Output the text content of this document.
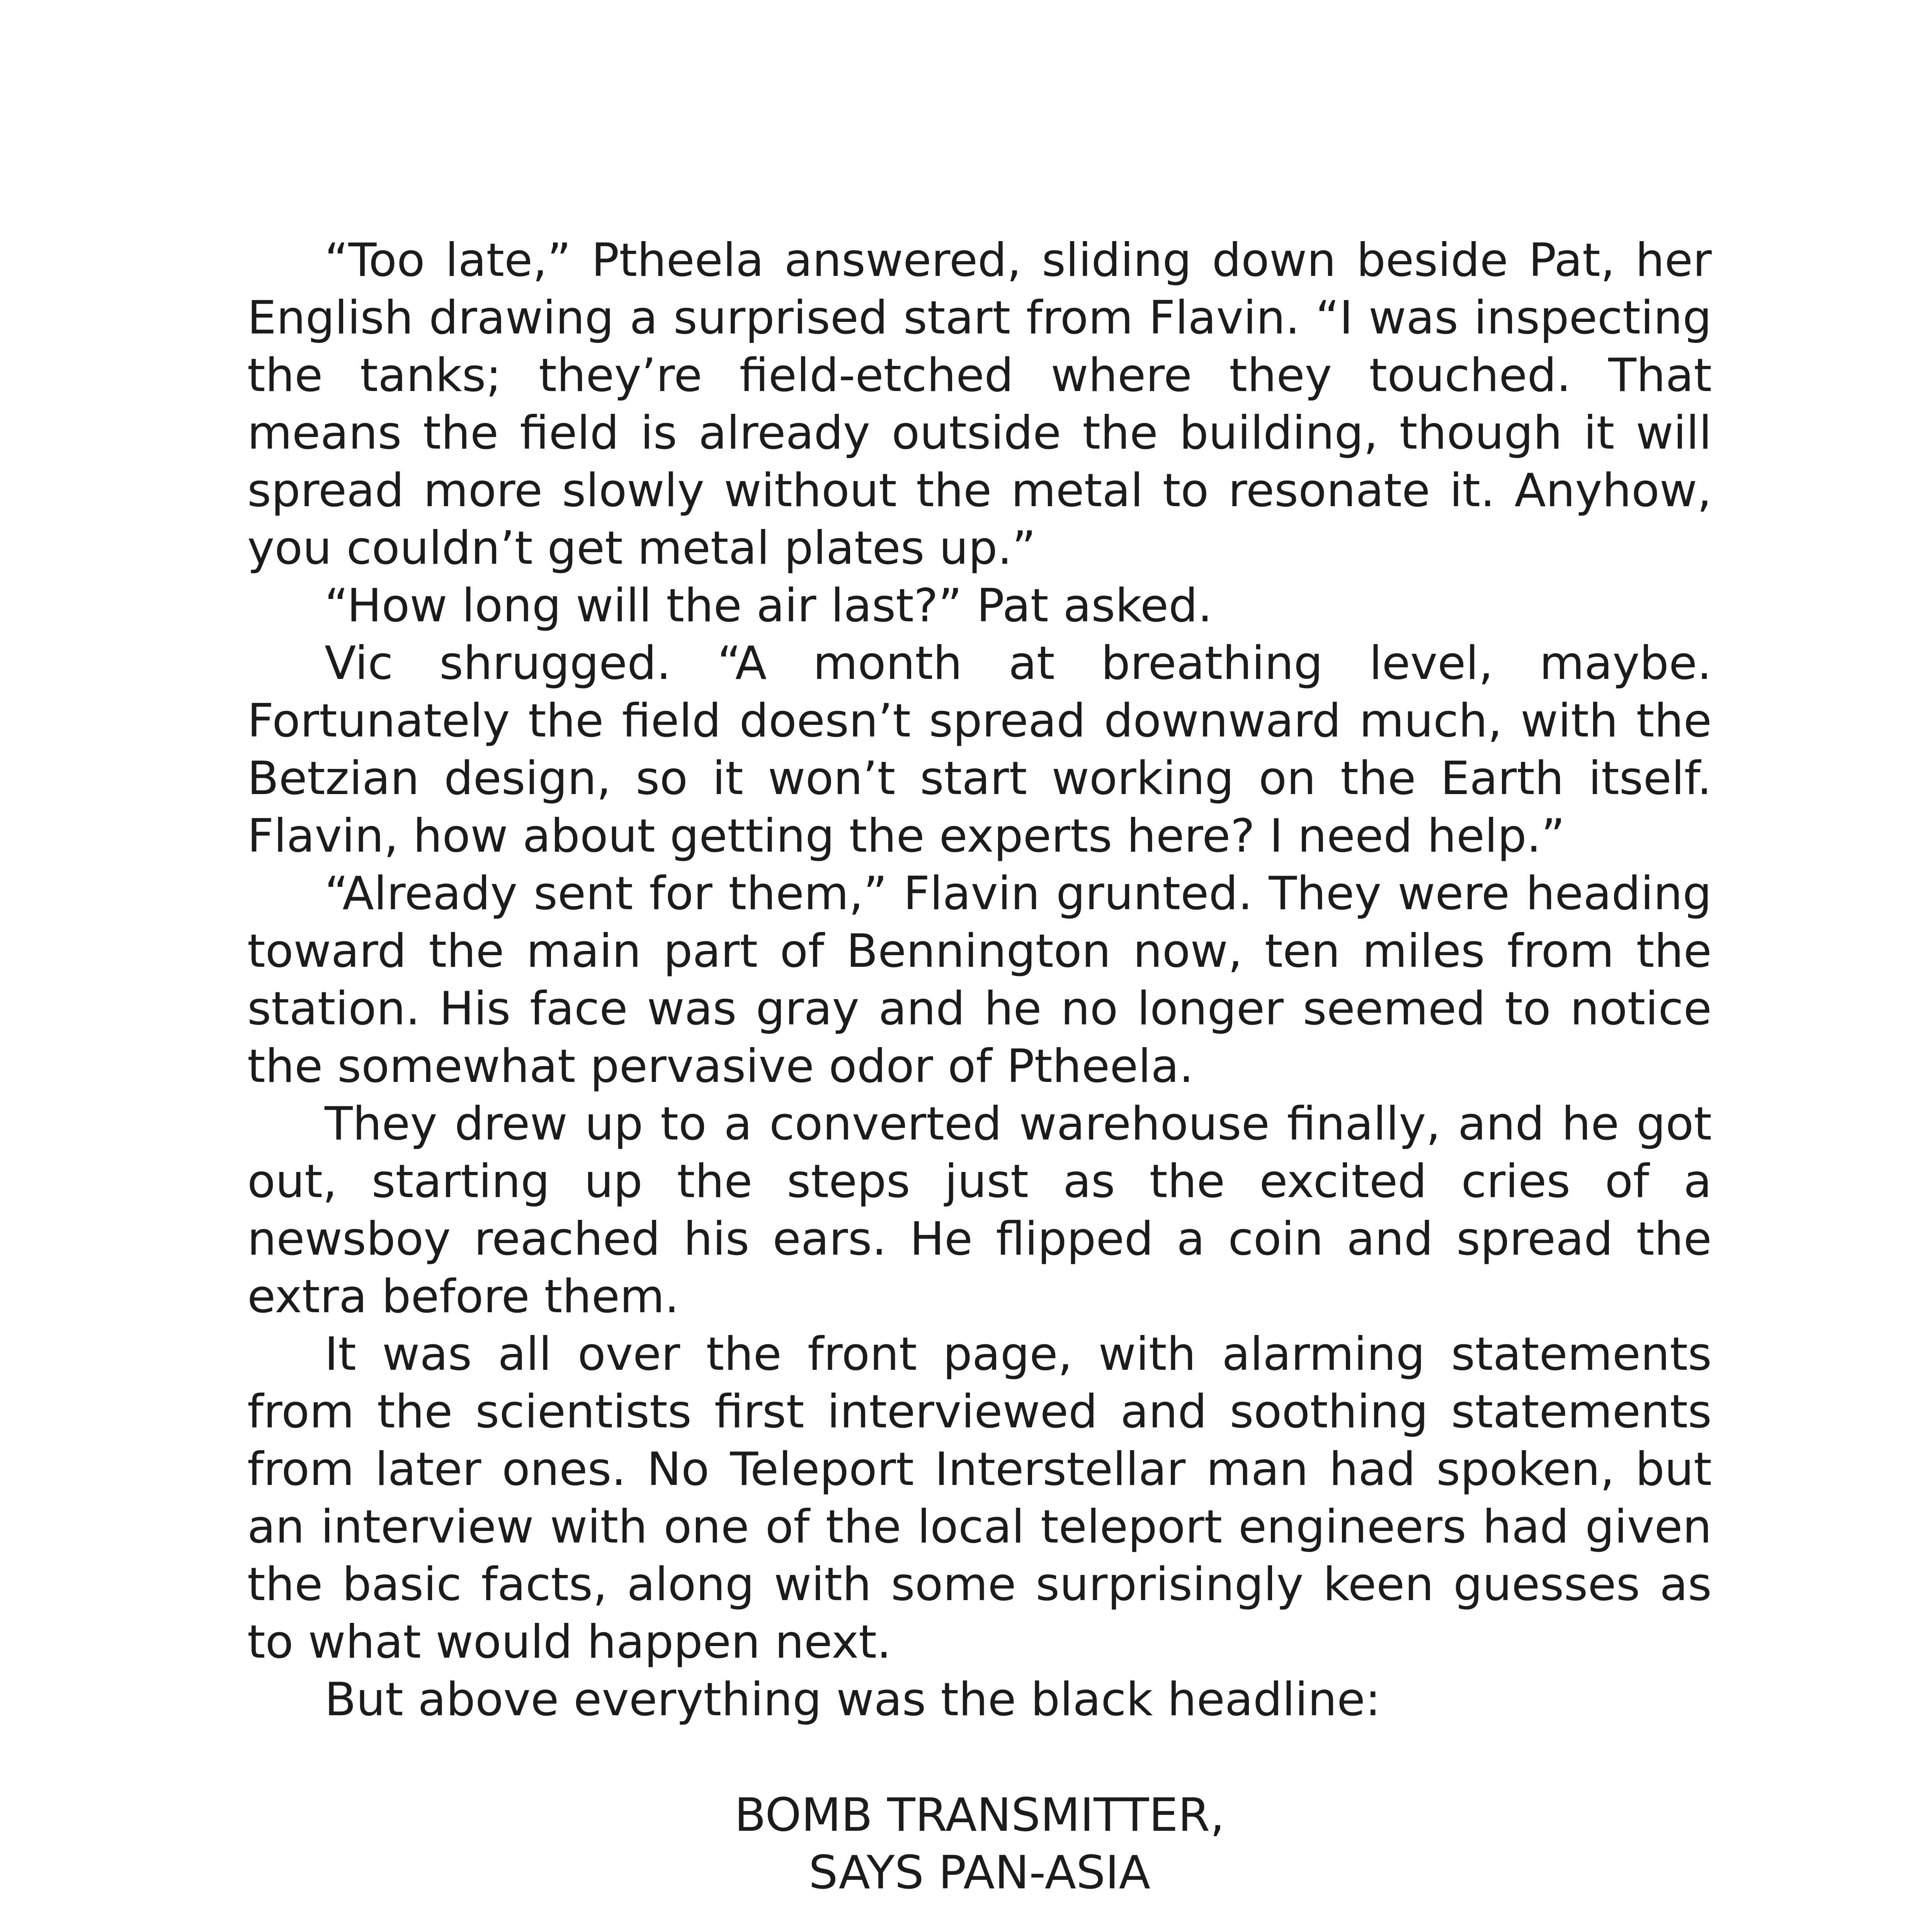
“Too late,” Ptheela answered, sliding down beside Pat, her English drawing a surprised start from Flavin. “I was inspecting the tanks; they’re field-etched where they touched. That means the field is already outside the building, though it will spread more slowly without the metal to resonate it. Anyhow, you couldn’t get metal plates up.”

“How long will the air last?” Pat asked.

Vic shrugged. “A month at breathing level, maybe. Fortunately the field doesn’t spread downward much, with the Betzian design, so it won’t start working on the Earth itself. Flavin, how about getting the experts here? I need help.”

“Already sent for them,” Flavin grunted. They were heading toward the main part of Bennington now, ten miles from the station. His face was gray and he no longer seemed to notice the somewhat pervasive odor of Ptheela.

They drew up to a converted warehouse finally, and he got out, starting up the steps just as the excited cries of a newsboy reached his ears. He flipped a coin and spread the extra before them.

It was all over the front page, with alarming statements from the scientists first interviewed and soothing statements from later ones. No Teleport Interstellar man had spoken, but an interview with one of the local teleport engineers had given the basic facts, along with some surprisingly keen guesses as to what would happen next.

But above everything was the black headline:

BOMB TRANSMITTER,
SAYS PAN-ASIA
